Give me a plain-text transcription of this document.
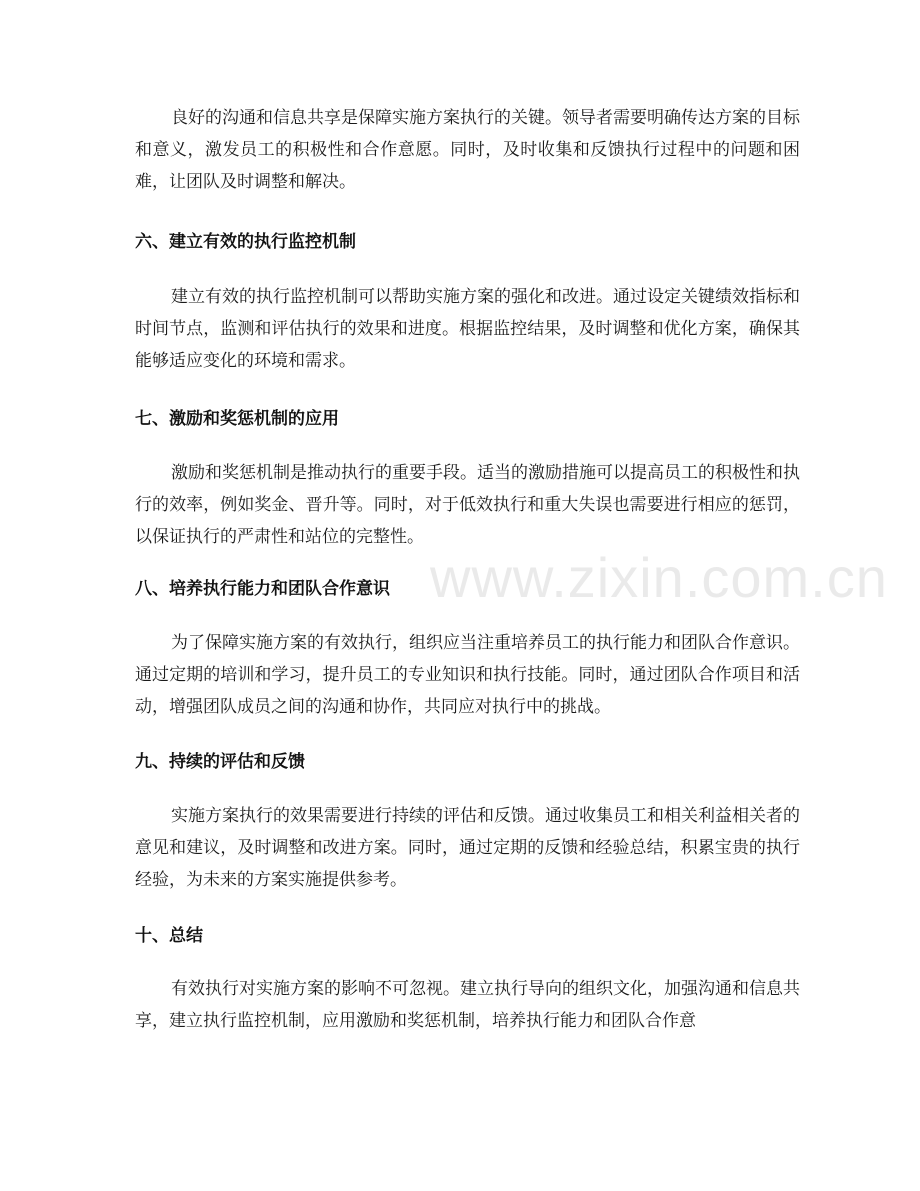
良好的沟通和信息共享是保障实施方案执行的关键。领导者需要明确传达方案的目标和意义，激发员工的积极性和合作意愿。同时，及时收集和反馈执行过程中的问题和困难，让团队及时调整和解决。

六、建立有效的执行监控机制

建立有效的执行监控机制可以帮助实施方案的强化和改进。通过设定关键绩效指标和时间节点，监测和评估执行的效果和进度。根据监控结果，及时调整和优化方案，确保其能够适应变化的环境和需求。

七、激励和奖惩机制的应用

激励和奖惩机制是推动执行的重要手段。适当的激励措施可以提高员工的积极性和执行的效率，例如奖金、晋升等。同时，对于低效执行和重大失误也需要进行相应的惩罚，以保证执行的严肃性和站位的完整性。

八、培养执行能力和团队合作意识

为了保障实施方案的有效执行，组织应当注重培养员工的执行能力和团队合作意识。通过定期的培训和学习，提升员工的专业知识和执行技能。同时，通过团队合作项目和活动，增强团队成员之间的沟通和协作，共同应对执行中的挑战。

九、持续的评估和反馈

实施方案执行的效果需要进行持续的评估和反馈。通过收集员工和相关利益相关者的意见和建议，及时调整和改进方案。同时，通过定期的反馈和经验总结，积累宝贵的执行经验，为未来的方案实施提供参考。

十、总结

有效执行对实施方案的影响不可忽视。建立执行导向的组织文化，加强沟通和信息共享，建立执行监控机制，应用激励和奖惩机制，培养执行能力和团队合作意

www.zixin.com.cn
